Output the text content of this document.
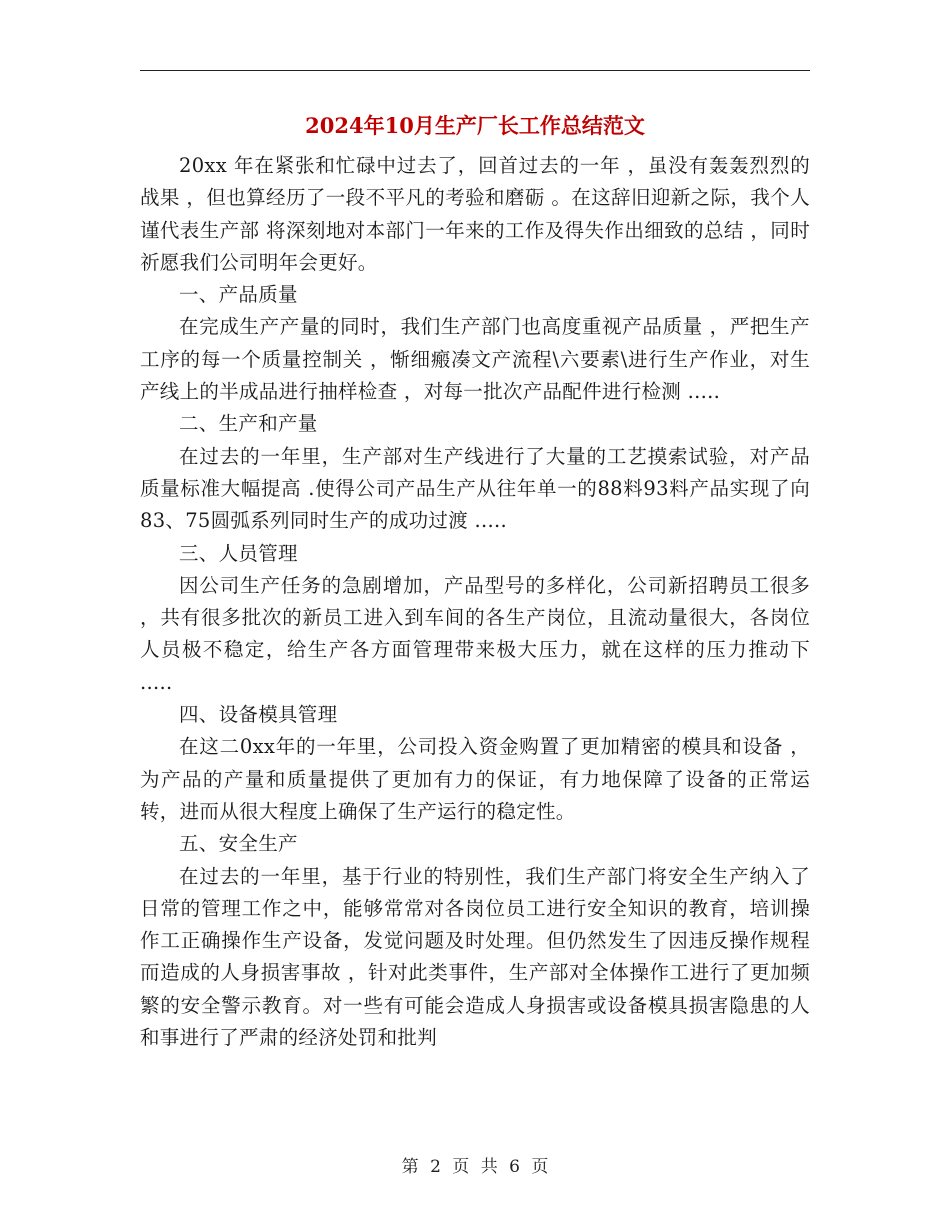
2024年10月生产厂长工作总结范文

20xx 年在紧张和忙碌中过去了，回首过去的一年 ，虽没有轰轰烈烈的战果 ，但也算经历了一段不平凡的考验和磨砺 。在这辞旧迎新之际，我个人谨代表生产部 将深刻地对本部门一年来的工作及得失作出细致的总结 ，同时祈愿我们公司明年会更好。

一、产品质量

在完成生产产量的同时，我们生产部门也高度重视产品质量 ，严把生产工序的每一个质量控制关 ，惭细瘢凑文产流程\六要素\进行生产作业，对生产线上的半成品进行抽样检查 ，对每一批次产品配件进行检测 .....

二、生产和产量

在过去的一年里，生产部对生产线进行了大量的工艺摸索试验，对产品质量标准大幅提高 .使得公司产品生产从往年单一的88料93料产品实现了向83、75圆弧系列同时生产的成功过渡 .....

三、人员管理

因公司生产任务的急剧增加，产品型号的多样化，公司新招聘员工很多 ，共有很多批次的新员工进入到车间的各生产岗位，且流动量很大，各岗位人员极不稳定，给生产各方面管理带来极大压力，就在这样的压力推动下 .....

四、设备模具管理

在这二0xx年的一年里，公司投入资金购置了更加精密的模具和设备 ，为产品的产量和质量提供了更加有力的保证，有力地保障了设备的正常运转，进而从很大程度上确保了生产运行的稳定性。

五、安全生产

在过去的一年里，基于行业的特别性，我们生产部门将安全生产纳入了日常的管理工作之中，能够常常对各岗位员工进行安全知识的教育，培训操作工正确操作生产设备，发觉问题及时处理。但仍然发生了因违反操作规程而造成的人身损害事故 ，针对此类事件，生产部对全体操作工进行了更加频繁的安全警示教育。对一些有可能会造成人身损害或设备模具损害隐患的人和事进行了严肃的经济处罚和批判

第 2 页 共 6 页
